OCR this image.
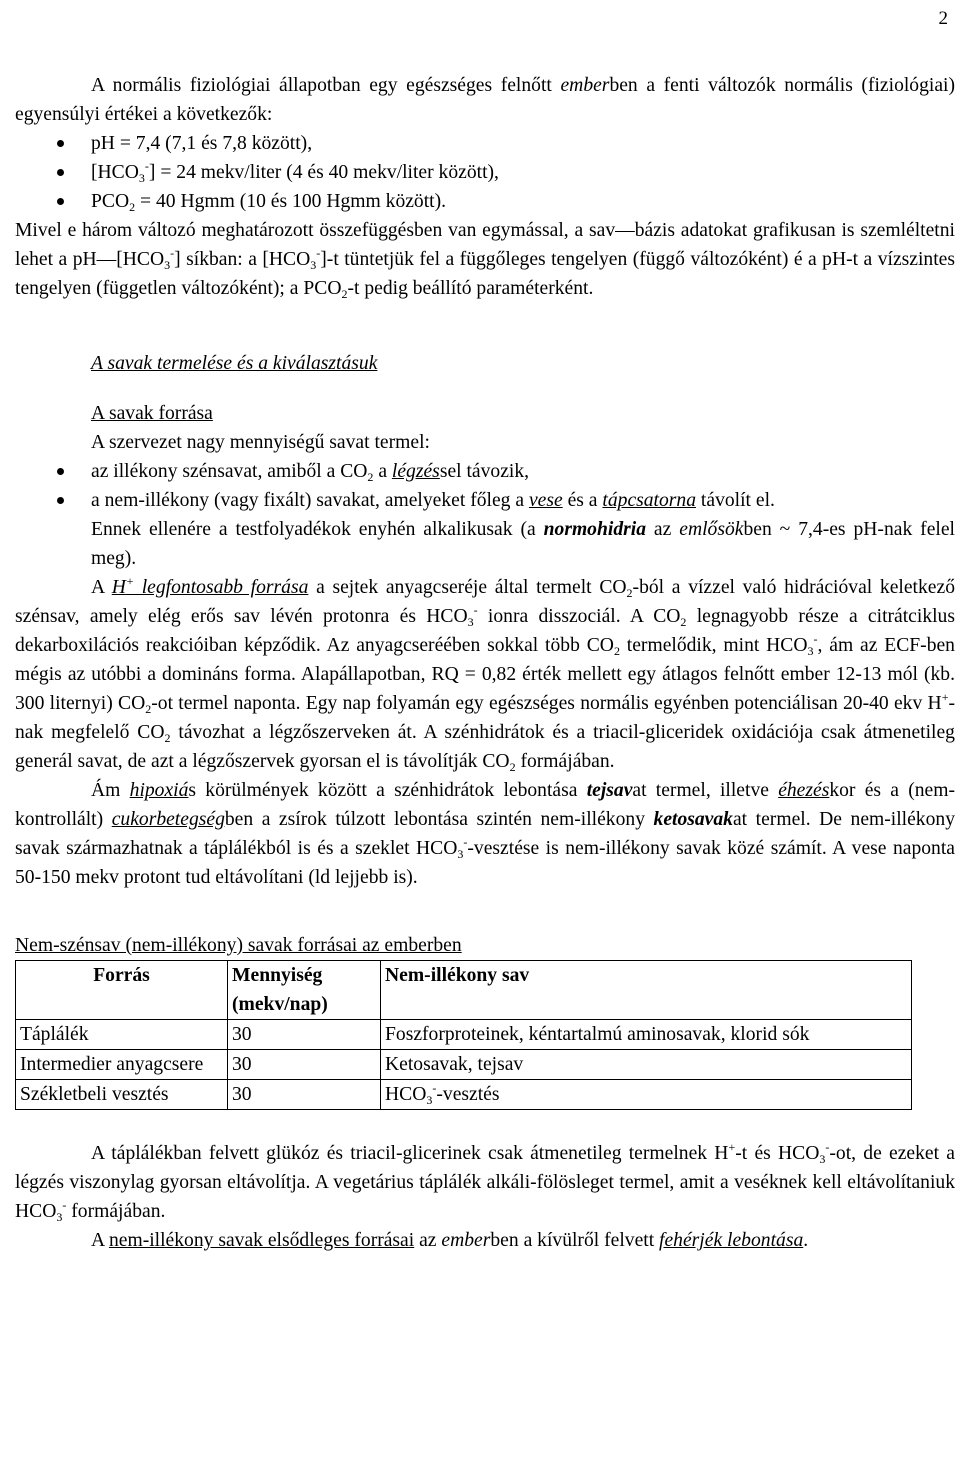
2

A normális fiziológiai állapotban egy egészséges felnőtt emberben a fenti változók normális (fiziológiai) egyensúlyi értékei a következők:

pH = 7,4 (7,1 és 7,8 között),
$[HCO_3^-] = 24$ mekv/liter (4 és 40 mekv/liter között),
$PCO_2 = 40$ Hgmm (10 és 100 Hgmm között).

Mivel e három változó meghatározott összefüggésben van egymással, a sav—bázis adatokat grafikusan is szemléltetni lehet a $pH—[HCO_3^-]$ síkban: a $[HCO_3^-]-t$ tüntetjük fel a függőleges tengelyen (függő változóként) é a pH-t a vízszintes tengelyen (független változóként); a $PCO_2-t$ pedig beállító paraméterként.

A savak termelése és a kiválasztásuk

A savak forrása

A szervezet nagy mennyiségű savat termel:

az illékony szénsavat, amiből a $CO_2$ a légzéssel távozik,
a nem-illékony (vagy fixált) savakat, amelyeket főleg a vese és a tápcsatorna távolít el.

Ennek ellenére a testfolyadékok enyhén alkalikusak (a normohidria az emlősökben ~ 7,4-es pH-nak felel meg).

A H+ legfontosabb forrása a sejtek anyagcseréje által termelt $CO_2$-ból a vízzel való hidrációval keletkező szénsav, amely elég erős sav lévén protonra és $HCO_3^-$ ionra disszociál. A $CO_2$ legnagyobb része a citrátciklus dekarboxilációs reakcióiban képződik. Az anyagcseréében sokkal több $CO_2$ termelődik, mint $HCO_3^-$, ám az ECF-ben mégis az utóbbi a domináns forma. Alapállapotban, RQ = 0,82 érték mellett egy átlagos felnőtt ember 12-13 mól (kb. 300 liternyi) $CO_2-ot$ termel naponta. Egy nap folyamán egy egészséges normális egyénben potenciálisan 20-40 ekv H+-nak megfelelő $CO_2$ távozhat a légzőszerveken át. A szénhidrátok és a triacil-gliceridek oxidációja csak átmenetileg generál savat, de azt a légzőszervek gyorsan el is távolítják $CO_2$ formájában.

Ám hipoxiás körülmények között a szénhidrátok lebontása tejsavat termel, illetve éhezéskor és a (nem-kontrollált) cukorbetegségben a zsírok túlzott lebontása szintén nem-illékony ketosavakat termel. De nem-illékony savak származhatnak a táplálékból is és a szeklet $HCO_3^-$-vesztése is nem-illékony savak közé számít. A vese naponta 50-150 mekv protont tud eltávolítani (ld lejjebb is).

Nem-szénsav (nem-illékony) savak forrásai az emberben

Forrás	Mennyiség (mekv/nap)	Nem-illékony sav
Táplálék	30	Foszforproteinek, kéntartalmú aminosavak, klorid sók
Intermedier anyagcsere	30	Ketosavak, tejsav
Székletbeli vesztés	30	$HCO_3^-$-vesztés

A táplálékban felvett glükóz és triacil-glicerinek csak átmenetileg termelnek H+-t és $HCO_3^--ot$, de ezeket a légzés viszonylag gyorsan eltávolítja. A vegetárius táplálék alkáli-fölösleget termel, amit a veséknek kell eltávolítaniuk $HCO_3^-$ formájában.

A nem-illékony savak elsődleges forrásai az emberben a kívülről felvett fehérjék lebontása.
